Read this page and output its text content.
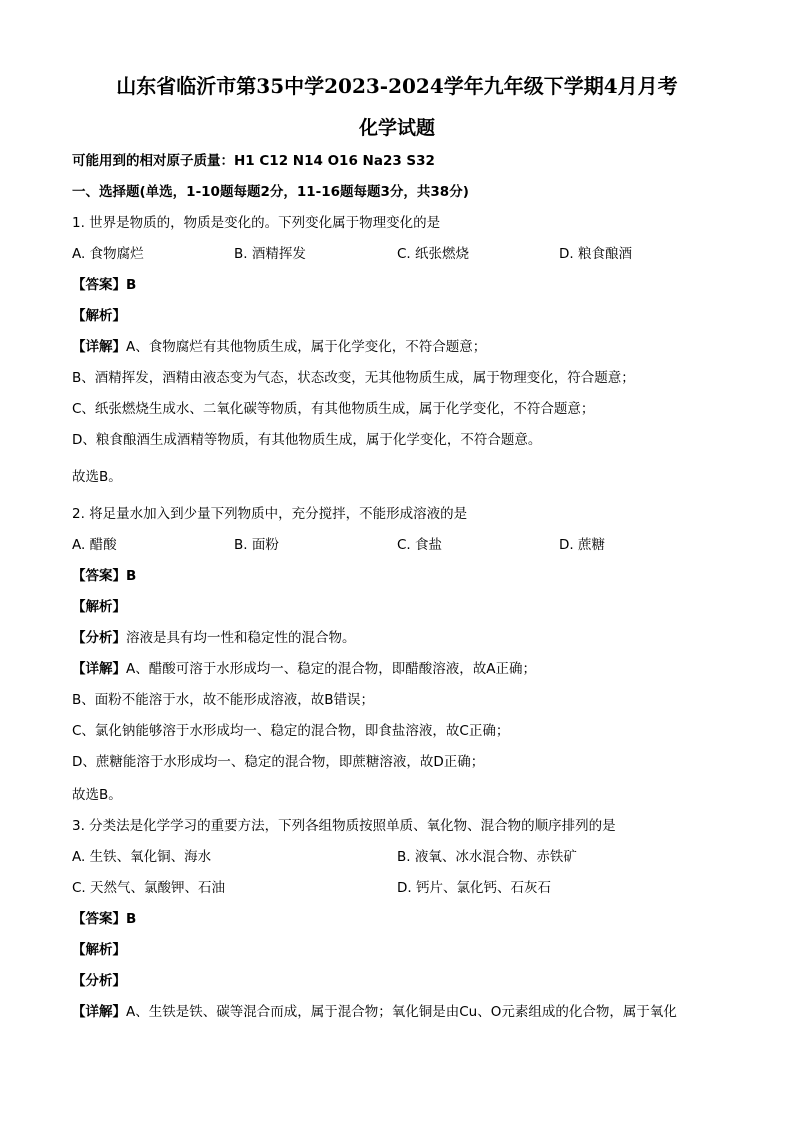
山东省临沂市第35中学2023-2024学年九年级下学期4月月考
化学试题
可能用到的相对原子质量：H1 C12 N14 O16 Na23 S32
一、选择题(单选，1-10题每题2分，11-16题每题3分，共38分)
1. 世界是物质的，物质是变化的。下列变化属于物理变化的是
A. 食物腐烂	B. 酒精挥发	C. 纸张燃烧	D. 粮食酿酒
【答案】B
【解析】
【详解】A、食物腐烂有其他物质生成，属于化学变化，不符合题意；
B、酒精挥发，酒精由液态变为气态，状态改变，无其他物质生成，属于物理变化，符合题意；
C、纸张燃烧生成水、二氧化碳等物质，有其他物质生成，属于化学变化，不符合题意；
D、粮食酿酒生成酒精等物质，有其他物质生成，属于化学变化，不符合题意。
故选B。
2. 将足量水加入到少量下列物质中，充分搅拌，不能形成溶液的是
A. 醋酸	B. 面粉	C. 食盐	D. 蔗糖
【答案】B
【解析】
【分析】溶液是具有均一性和稳定性的混合物。
【详解】A、醋酸可溶于水形成均一、稳定的混合物，即醋酸溶液，故A正确；
B、面粉不能溶于水，故不能形成溶液，故B错误；
C、氯化钠能够溶于水形成均一、稳定的混合物，即食盐溶液，故C正确；
D、蔗糖能溶于水形成均一、稳定的混合物，即蔗糖溶液，故D正确；
故选B。
3. 分类法是化学学习的重要方法，下列各组物质按照单质、氧化物、混合物的顺序排列的是
A. 生铁、氧化铜、海水	B. 液氧、冰水混合物、赤铁矿
C. 天然气、氯酸钾、石油	D. 钙片、氯化钙、石灰石
【答案】B
【解析】
【分析】
【详解】A、生铁是铁、碳等混合而成，属于混合物；氧化铜是由Cu、O元素组成的化合物，属于氧化
